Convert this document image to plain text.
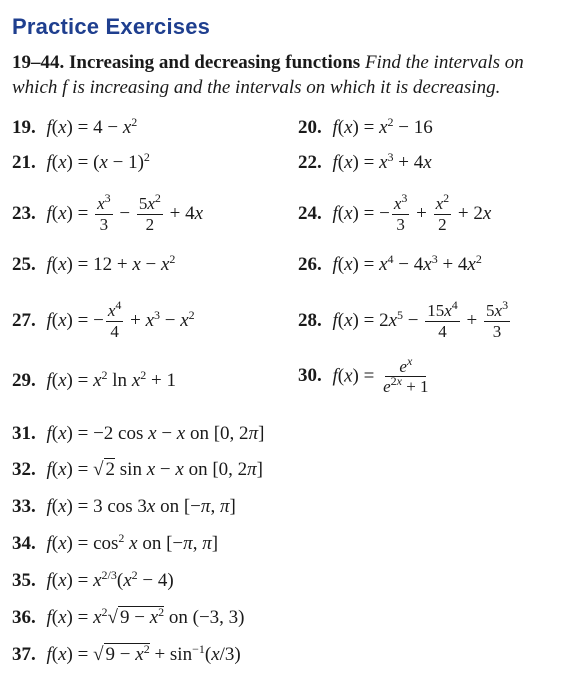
Practice Exercises
19–44. Increasing and decreasing functions Find the intervals on which f is increasing and the intervals on which it is decreasing.
19. $f(x) = 4 - x^2$	20. $f(x) = x^2 - 16$
21. $f(x) = (x - 1)^2$	22. $f(x) = x^3 + 4x$
23. $f(x) = \frac{x^3}{3} - \frac{5x^2}{2} + 4x$	24. f(x) = − $\frac{x^3}{3} + \frac{x^2}{2} + 2x$
25. $f(x) = 12 + x - x^2$	26. $f(x) = x^4 - 4x^3 + 4x^2$
27. f(x) = − $\frac{x^4}{4} + x^3 - x^2$	28. $f(x) = 2x^5 - \frac{15x^4}{4} + \frac{5x^3}{3}$
29. $f(x) = x^2$ $\ln x^2 + 1$	30. $f(x) = \frac{e^x}{e^{2x} + 1}$
31. f(x) = −2 cos x − x on [0, 2π]
32. f(x) = √ 2 sin x − x on [0, 2π]
33. f(x) = 3 cos 3x on [−π, π]
34. $f(x) = \cos^2 x$ on [−π, π]
35. $f(x) = x^{2/3}(x^2 - 4)$
36. $f(x) = x^2√$ $9 - x^2$ on (−3, 3)
37. f(x) = √ $9 - x^2 + \sin^{-1}(x/3)$
